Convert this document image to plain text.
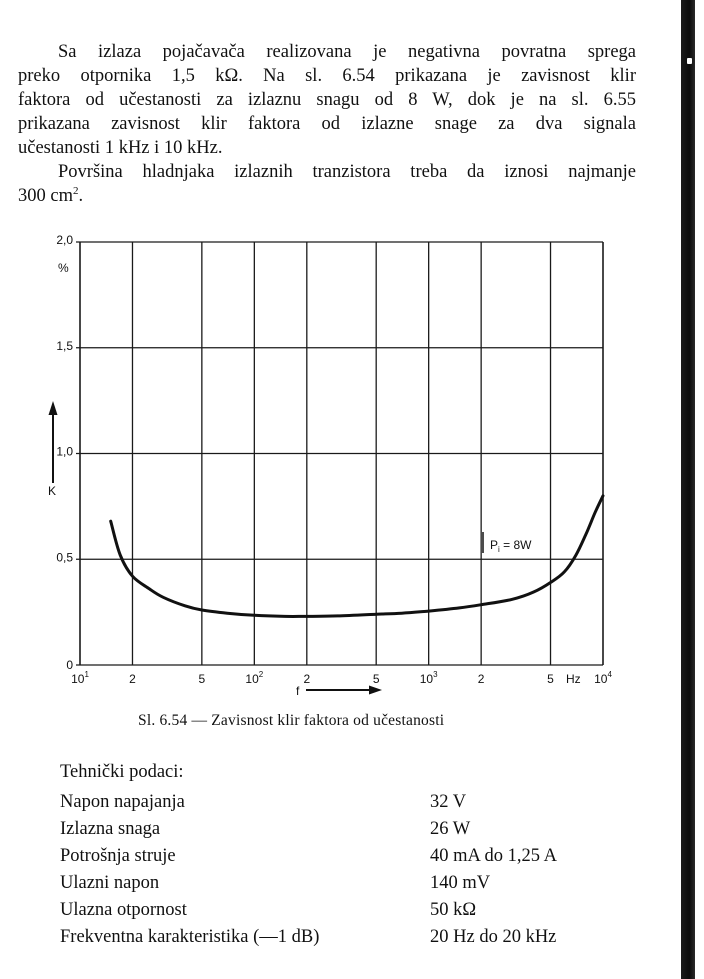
Sa izlaza pojačavača realizovana je negativna povratna sprega
preko otpornika 1,5 kΩ. Na sl. 6.54 prikazana je zavisnost klir
faktora od učestanosti za izlaznu snagu od 8 W, dok je na sl. 6.55
prikazana zavisnost klir faktora od izlazne snage za dva signala
učestanosti 1 kHz i 10 kHz.
Površina hladnjaka izlaznih tranzistora treba da iznosi najmanje
300 $cm^2$.
0
0,5
1,0
1,5
2,0
$10^1$	2	5	$10^2$	2	5	$10^3$	2	5	$10^4$
%
K
f
Hz
$P_i = 8W$
Sl. 6.54 — Zavisnost klir faktora od učestanosti
Tehnički podaci:
Napon napajanja	32 V
Izlazna snaga	26 W
Potrošnja struje	40 mA do 1,25 A
Ulazni napon	140 mV
Ulazna otpornost	50 kΩ
Frekventna karakteristika (—1 dB)	20 Hz do 20 kHz
